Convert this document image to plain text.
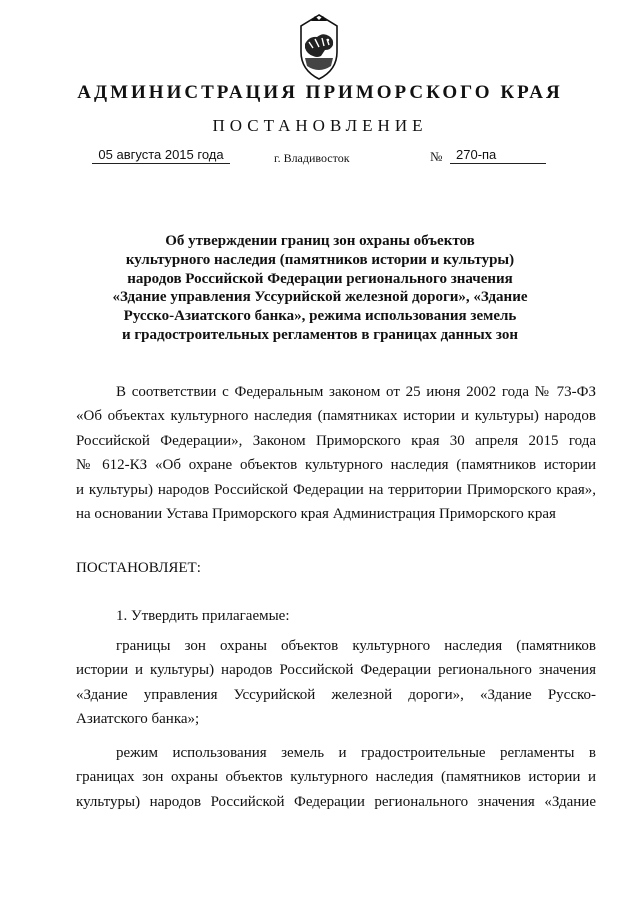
АДМИНИСТРАЦИЯ ПРИМОРСКОГО КРАЯ
ПОСТАНОВЛЕНИЕ
05 августа 2015 года	г. Владивосток	№	270-па
Об утверждении границ зон охраны объектов
культурного наследия (памятников истории и культуры)
народов Российской Федерации регионального значения
«Здание управления Уссурийской железной дороги», «Здание
Русско-Азиатского банка», режима использования земель
и градостроительных регламентов в границах данных зон
В соответствии с Федеральным законом от 25 июня 2002 года № 73-ФЗ
«Об объектах культурного наследия (памятниках истории и культуры) народов
Российской Федерации», Законом Приморского края 30 апреля 2015 года
№ 612-КЗ «Об охране объектов культурного наследия (памятников истории
и культуры) народов Российской Федерации на территории Приморского края»,
на основании Устава Приморского края Администрация Приморского края
ПОСТАНОВЛЯЕТ:
1. Утвердить прилагаемые:
границы зон охраны объектов культурного наследия (памятников
истории и культуры) народов Российской Федерации регионального значения
«Здание управления Уссурийской железной дороги», «Здание Русско-
Азиатского банка»;
режим использования земель и градостроительные регламенты в
границах зон охраны объектов культурного наследия (памятников истории и
культуры) народов Российской Федерации регионального значения «Здание
